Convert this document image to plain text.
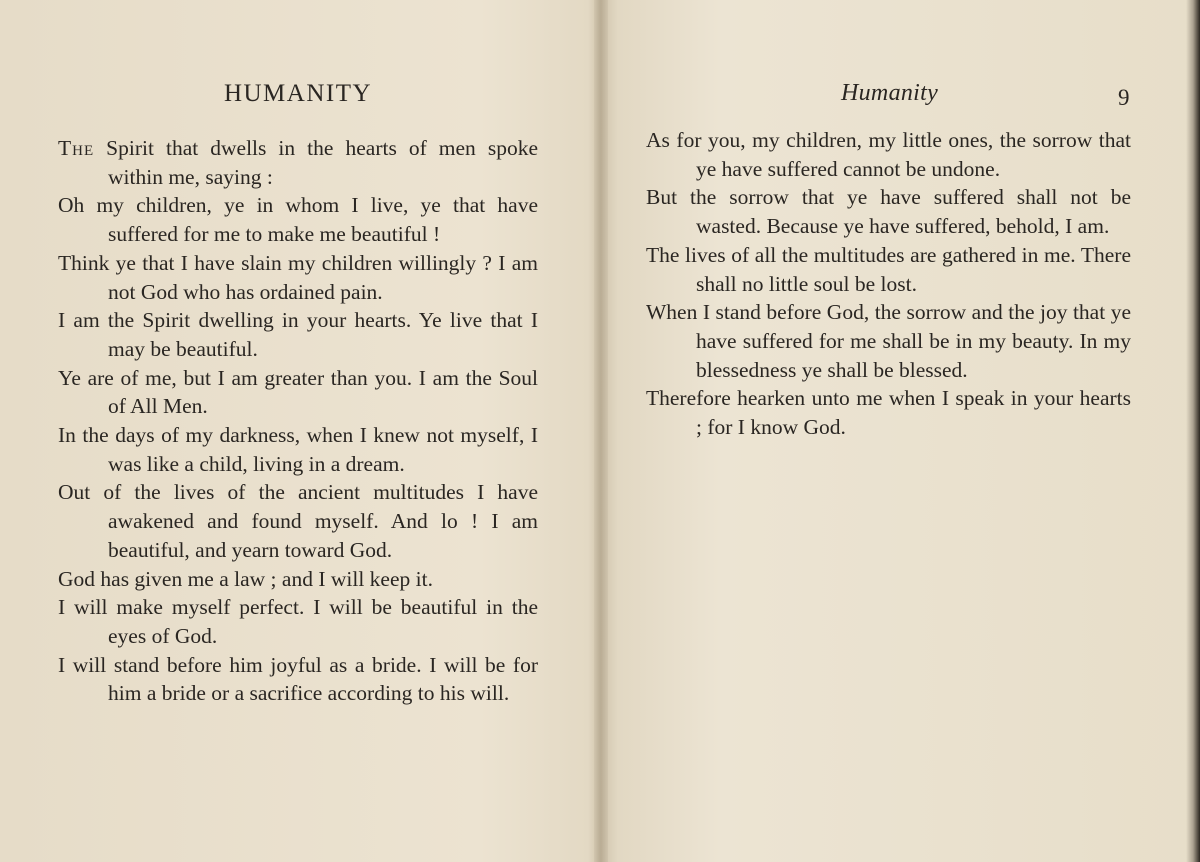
HUMANITY

The Spirit that dwells in the hearts of men spoke within me, saying :

Oh my children, ye in whom I live, ye that have suffered for me to make me beautiful !

Think ye that I have slain my children willingly ? I am not God who has ordained pain.

I am the Spirit dwelling in your hearts. Ye live that I may be beautiful.

Ye are of me, but I am greater than you. I am the Soul of All Men.

In the days of my darkness, when I knew not myself, I was like a child, living in a dream.

Out of the lives of the ancient multitudes I have awakened and found myself. And lo ! I am beautiful, and yearn toward God.

God has given me a law ; and I will keep it.

I will make myself perfect. I will be beautiful in the eyes of God.

I will stand before him joyful as a bride. I will be for him a bride or a sacrifice according to his will.

Humanity	9

As for you, my children, my little ones, the sorrow that ye have suffered cannot be undone.

But the sorrow that ye have suffered shall not be wasted. Because ye have suffered, behold, I am.

The lives of all the multitudes are gathered in me. There shall no little soul be lost.

When I stand before God, the sorrow and the joy that ye have suffered for me shall be in my beauty. In my blessedness ye shall be blessed.

Therefore hearken unto me when I speak in your hearts ; for I know God.
